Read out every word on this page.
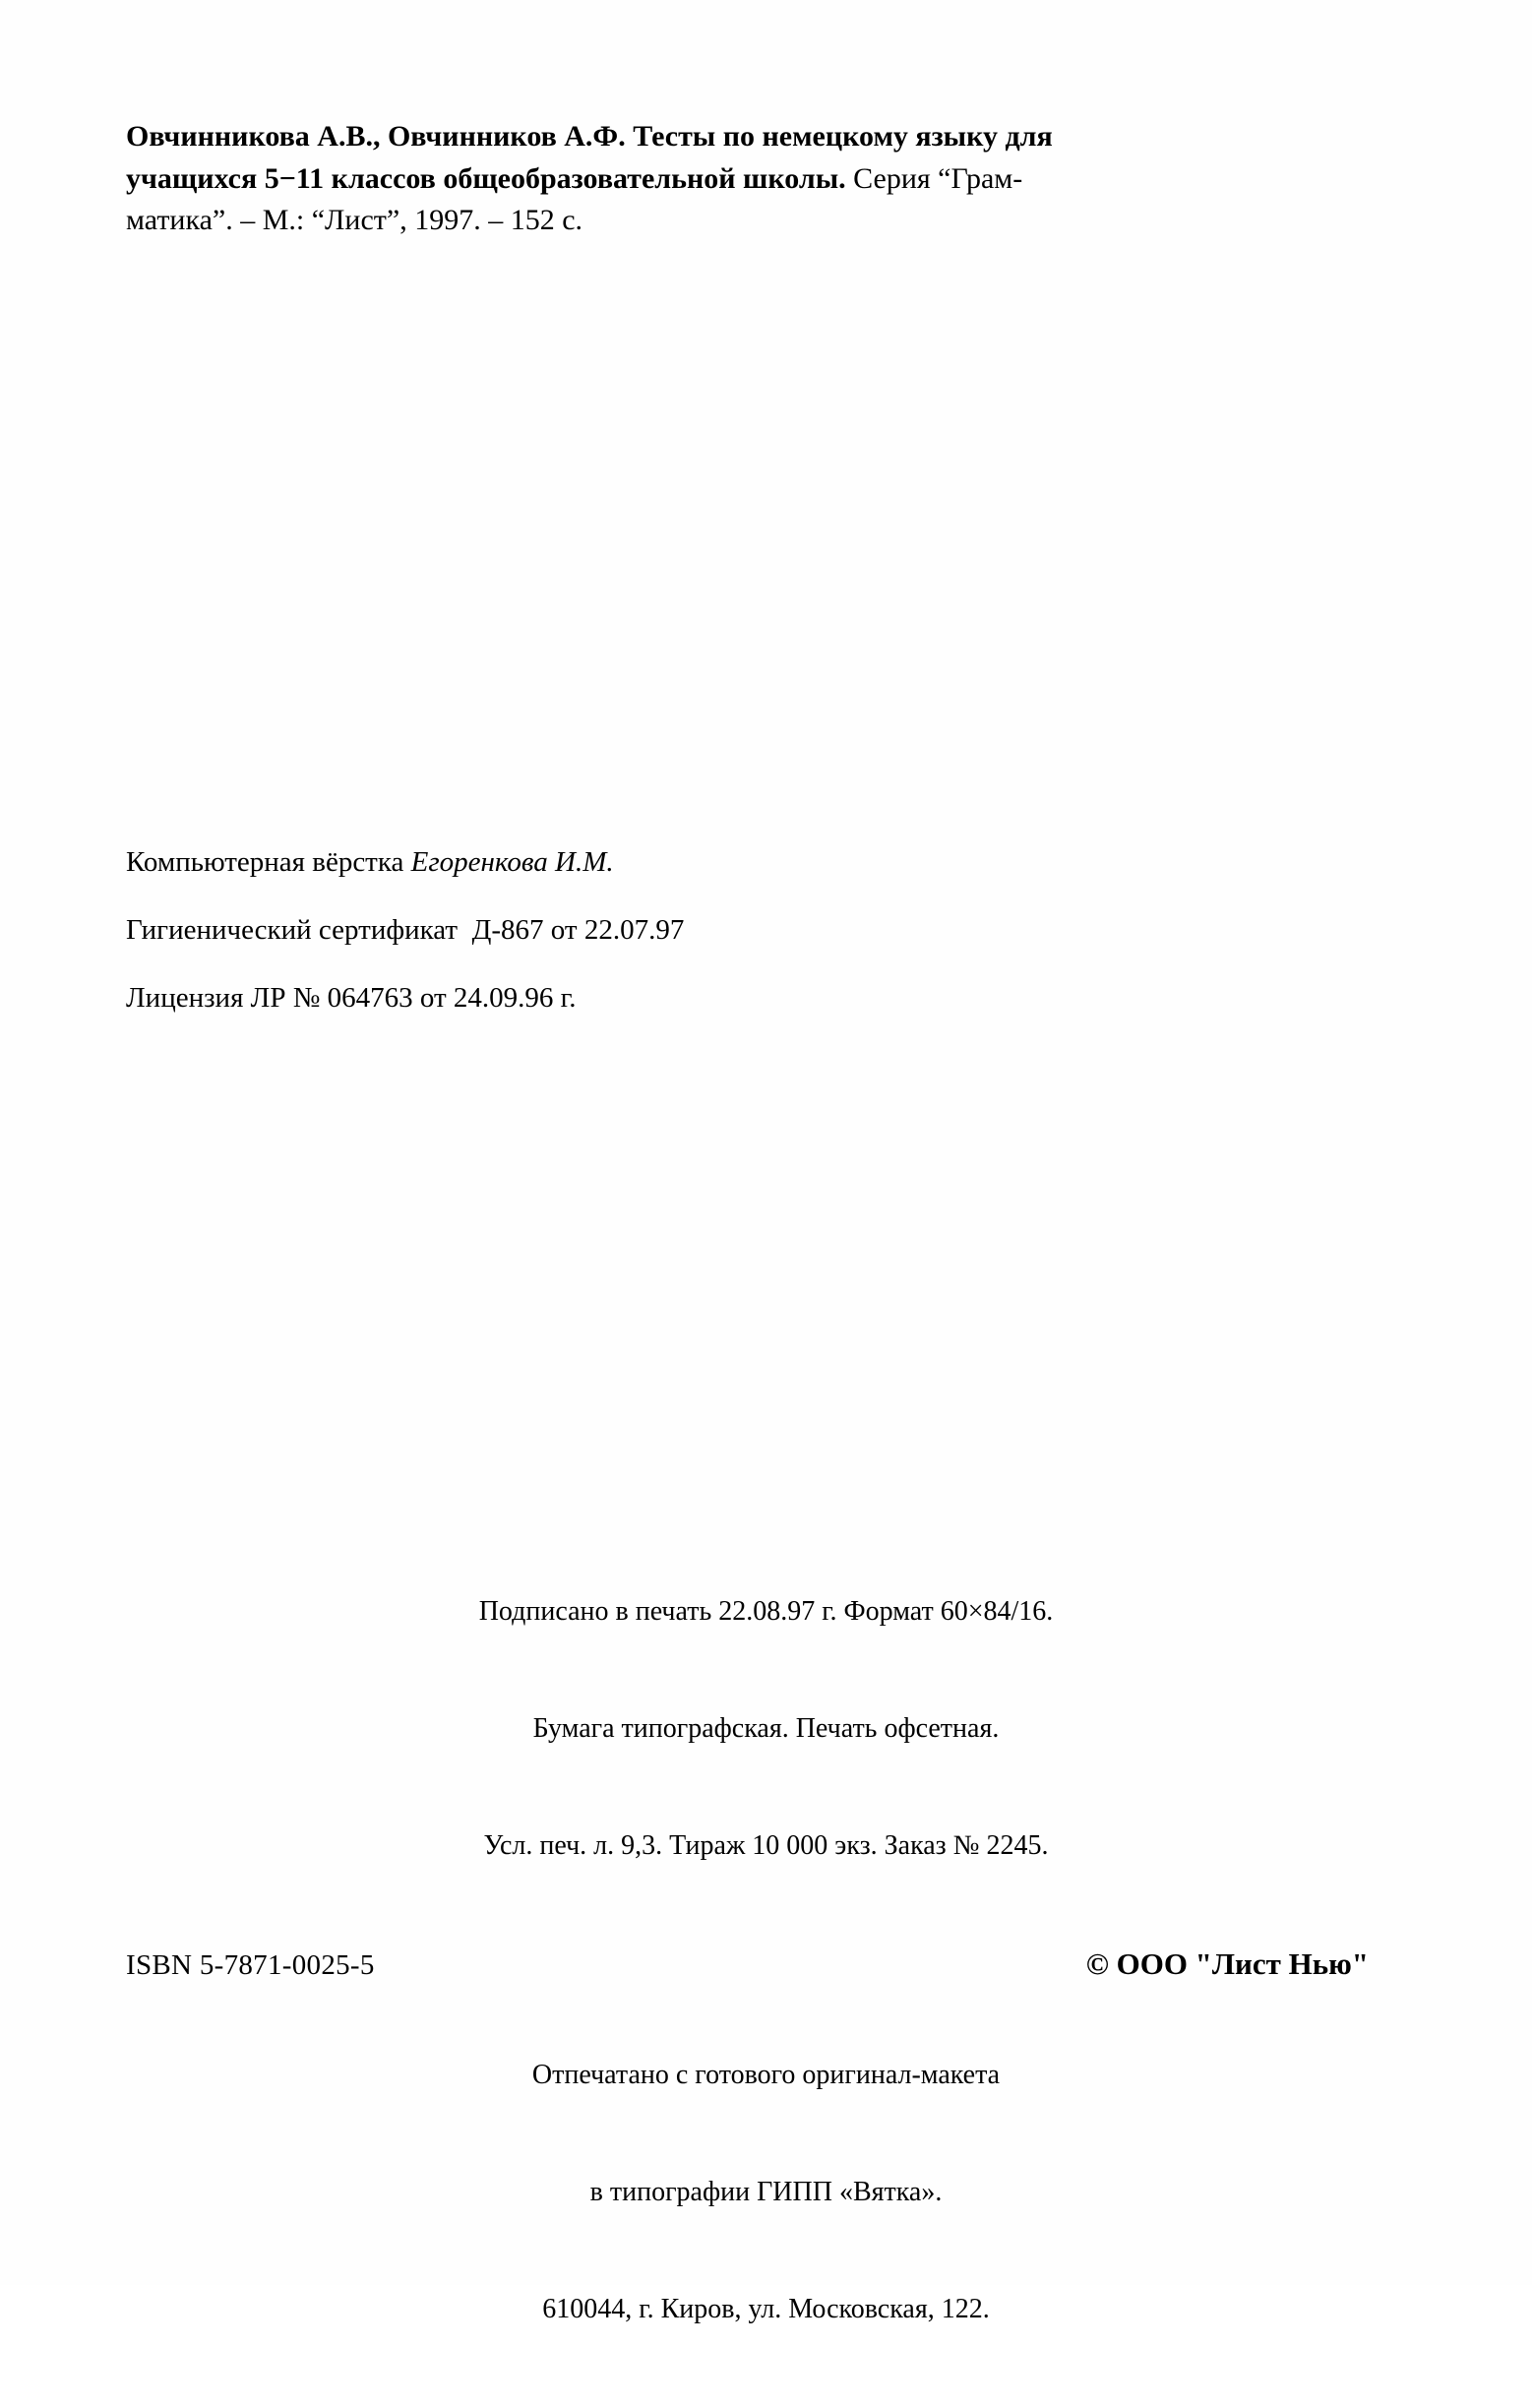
Овчинникова А.В., Овчинников А.Ф. Тесты по немецкому языку для
учащихся 5−11 классов общеобразовательной школы. Серия “Грам-
матика”. – М.: “Лист”, 1997. – 152 с.
Компьютерная вёрстка Егоренкова И.М.
Гигиенический сертификат  Д-867 от 22.07.97
Лицензия ЛР № 064763 от 24.09.96 г.

Подписано в печать 22.08.97 г. Формат 60×84/16.

Бумага типографская. Печать офсетная.

Усл. печ. л. 9,3. Тираж 10 000 экз. Заказ № 2245.

Отпечатано с готового оригинал-макета

в типографии ГИПП «Вятка».

610044, г. Киров, ул. Московская, 122.

ISBN 5-7871-0025-5	© ООО "Лист Нью"
